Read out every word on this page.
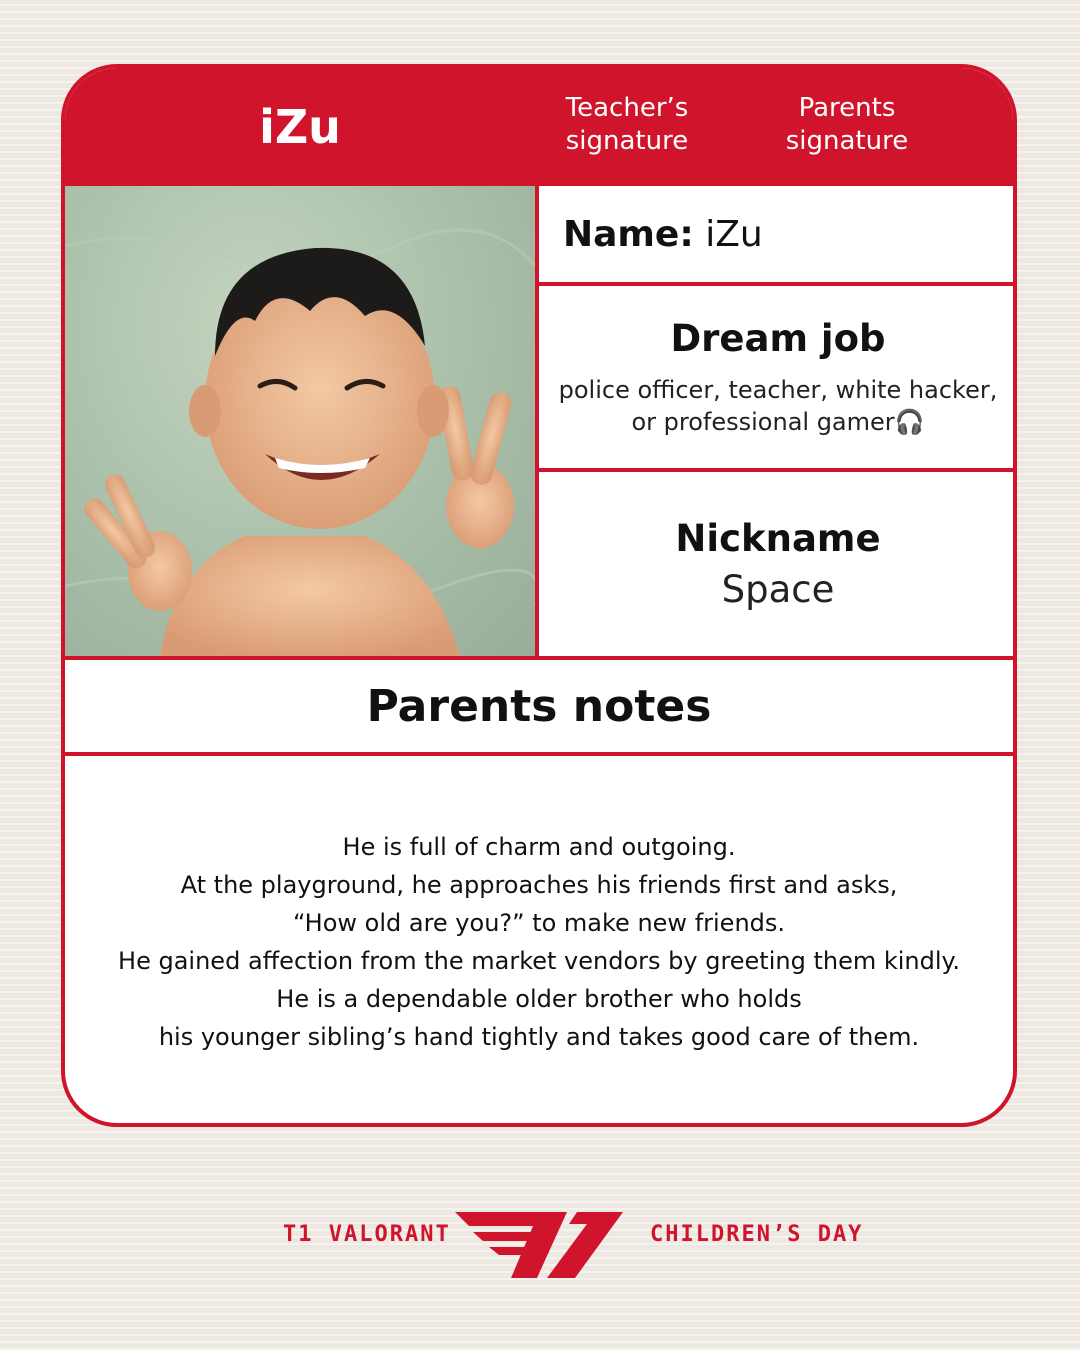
iZu	Teacher’s
signature
Parents
signature
Name: iZu
Dream job
police officer, teacher, white hacker, or professional gamer🎧
Nickname
Space
Parents notes
He is full of charm and outgoing.
At the playground, he approaches his friends first and asks,
“How old are you?” to make new friends.
He gained affection from the market vendors by greeting them kindly.
He is a dependable older brother who holds
his younger sibling’s hand tightly and takes good care of them.
T1 VALORANT	CHILDREN’S DAY
